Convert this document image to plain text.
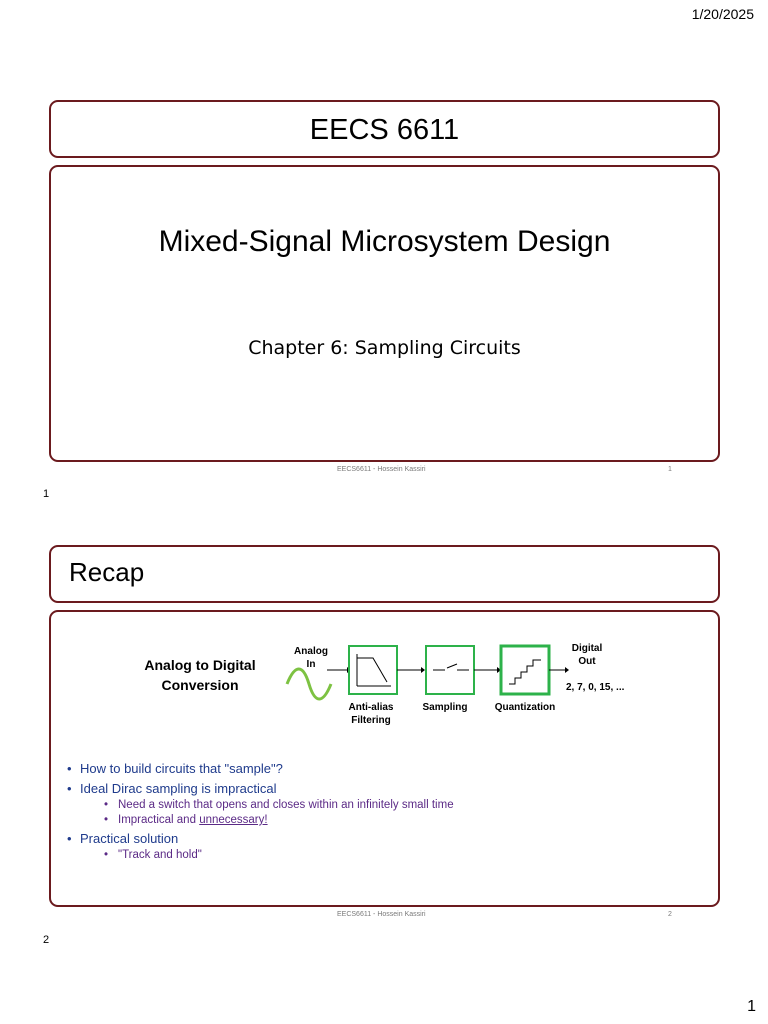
1/20/2025
EECS 6611
Mixed-Signal Microsystem Design
Chapter 6: Sampling Circuits
EECS6611 - Hossein Kassiri	1
1
Recap
Analog to Digital
Conversion
Analog
In
Digital
Out
2, 7, 0, 15, ...
Anti-alias
Filtering
Sampling	Quantization
• How to build circuits that "sample"?
• Ideal Dirac sampling is impractical
• Need a switch that opens and closes within an infinitely small time
• Impractical and unnecessary!
• Practical solution
• "Track and hold"
EECS6611 - Hossein Kassiri	2
2
1
